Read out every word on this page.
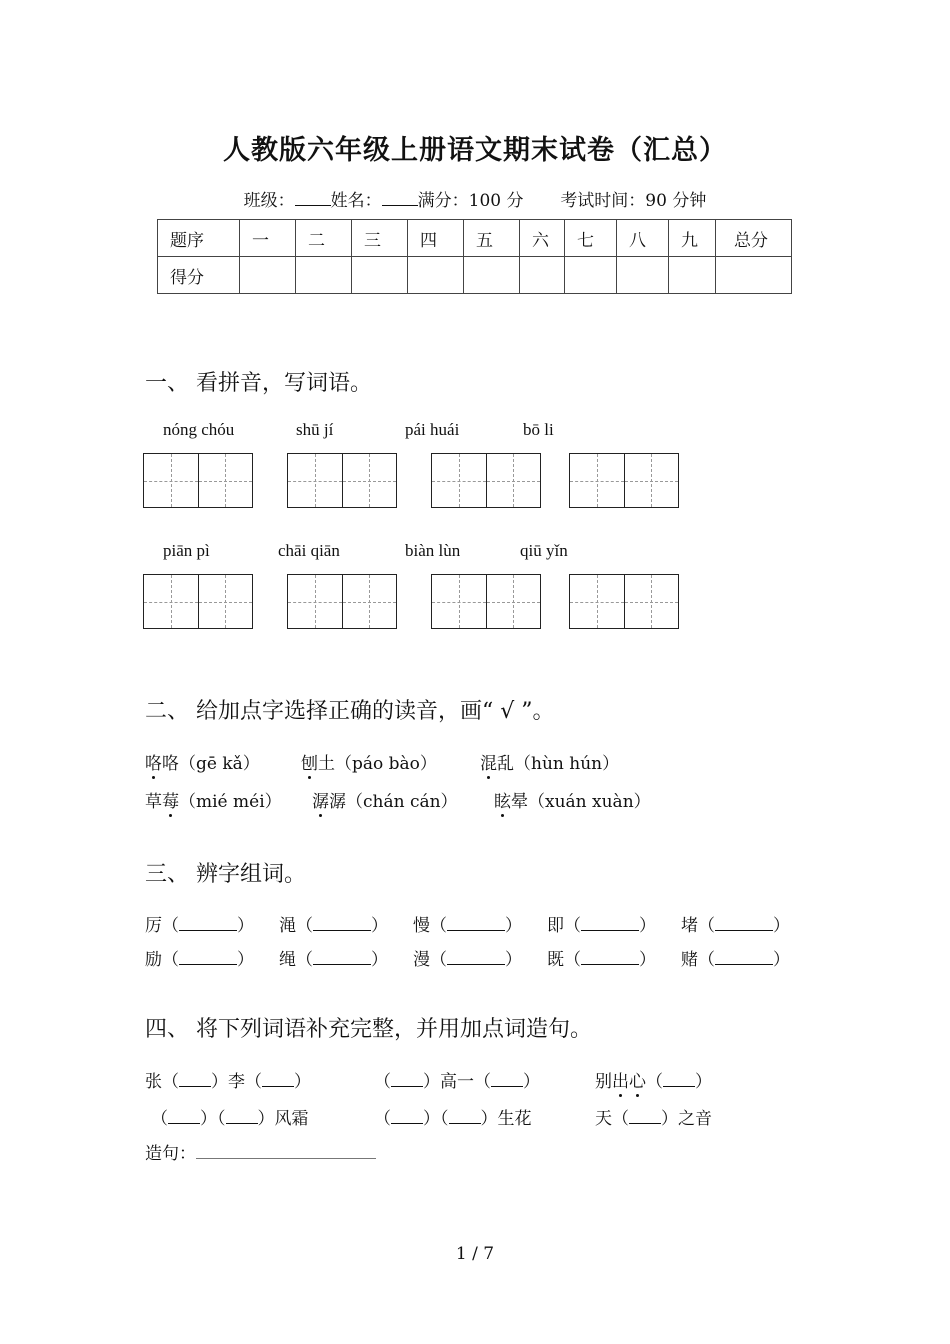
人教版六年级上册语文期末试卷（汇总）
班级： 姓名： 满分：100 分 考试时间：90 分钟
题序	一	二	三	四	五	六	七	八	九	总分
得分										
一、 看拼音，写词语。
nóng chóu	shū jí	pái huái	bō li
piān pì	chāi qiān	biàn lùn	qiū yǐn
二、 给加点字选择正确的读音，画“ √ ”。
咯咯（gē kǎ） 刨土（páo bào）	混乱（hùn hún）
草莓（mié méi） 潺潺（chán cán） 眩晕（xuán xuàn）
三、 辨字组词。
厉（	） 渑（	） 慢（	） 即（	） 堵（	）
励（	） 绳（	） 漫（	） 既（	） 赌（	）
四、 将下列词语补充完整，并用加点词造句。
张（ ）李（ ）	（ ）高一（ ）	别出心（ ）
（ ）（ ）风霜	（ ）（ ）生花	天（ ）之音
造句：
1 / 7
